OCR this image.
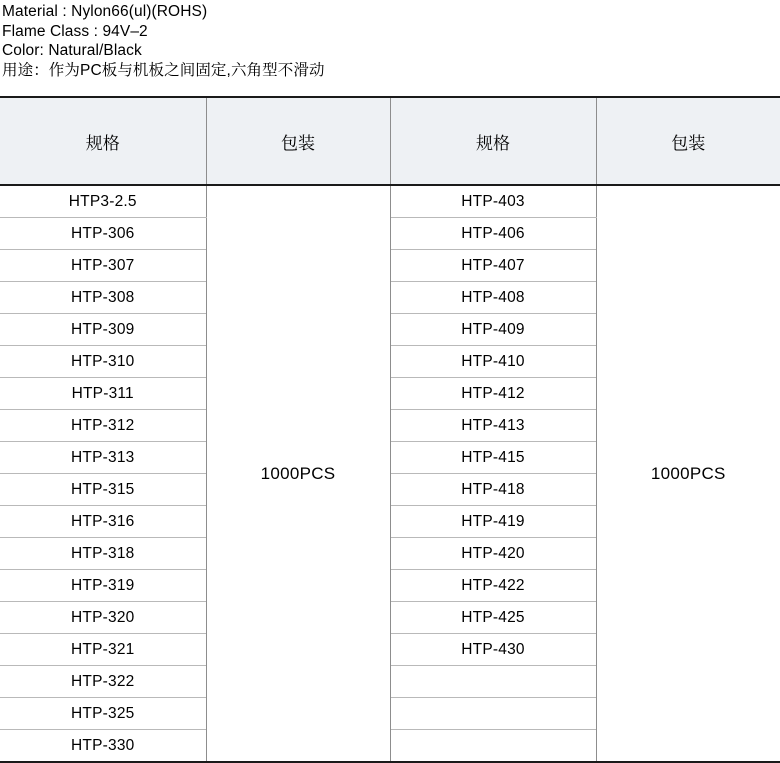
Material : Nylon66(ul)(ROHS)
Flame Class : 94V–2
Color: Natural/Black
用途：作为PC板与机板之间固定,六角型不滑动
规格	包装	规格	包装
HTP3-2.5	1000PCS	HTP-403	1000PCS
HTP-306		HTP-406	
HTP-307		HTP-407	
HTP-308		HTP-408	
HTP-309		HTP-409	
HTP-310		HTP-410	
HTP-311		HTP-412	
HTP-312		HTP-413	
HTP-313		HTP-415	
HTP-315		HTP-418	
HTP-316		HTP-419	
HTP-318		HTP-420	
HTP-319		HTP-422	
HTP-320		HTP-425	
HTP-321		HTP-430	
HTP-322			
HTP-325			
HTP-330			
